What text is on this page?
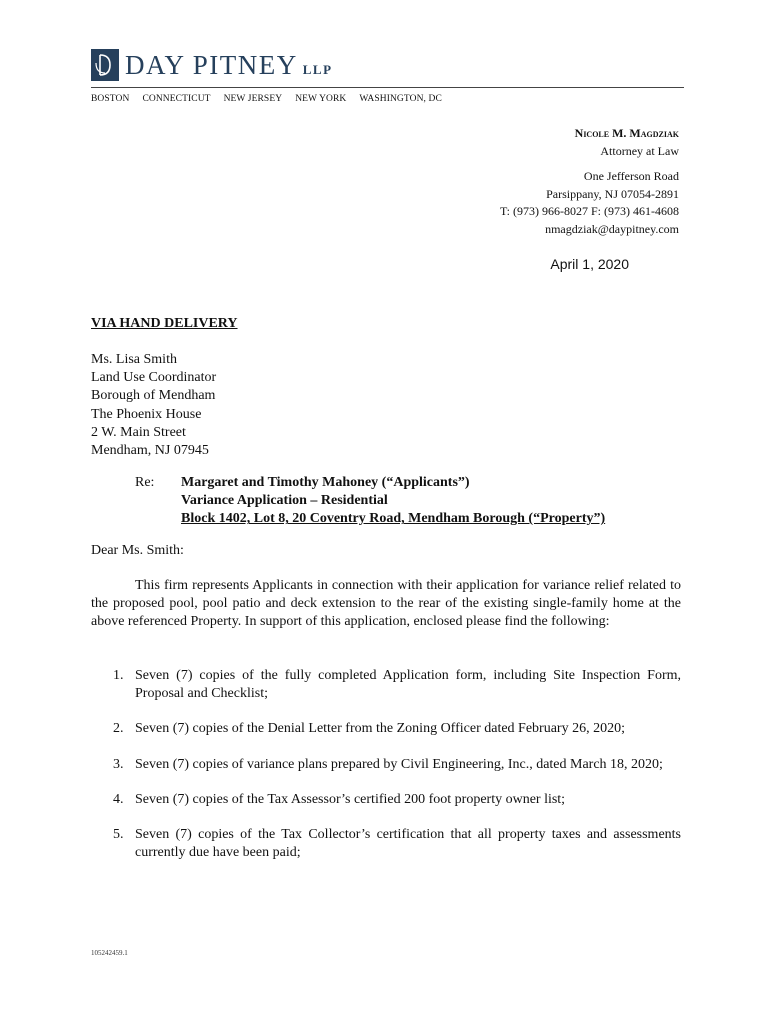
DAY PITNEY LLP
BOSTON CONNECTICUT NEW JERSEY NEW YORK WASHINGTON, DC
Nicole M. Magdziak
Attorney at Law
One Jefferson Road
Parsippany, NJ 07054-2891
T: (973) 966-8027 F: (973) 461-4608
nmagdziak@daypitney.com
April 1, 2020
VIA HAND DELIVERY
Ms. Lisa Smith
Land Use Coordinator
Borough of Mendham
The Phoenix House
2 W. Main Street
Mendham, NJ 07945
Re:	Margaret and Timothy Mahoney (“Applicants”)
Variance Application – Residential
Block 1402, Lot 8, 20 Coventry Road, Mendham Borough (“Property”)
Dear Ms. Smith:
This firm represents Applicants in connection with their application for variance relief related to the proposed pool, pool patio and deck extension to the rear of the existing single-family home at the above referenced Property. In support of this application, enclosed please find the following:
1. Seven (7) copies of the fully completed Application form, including Site Inspection Form, Proposal and Checklist;
2. Seven (7) copies of the Denial Letter from the Zoning Officer dated February 26, 2020;
3. Seven (7) copies of variance plans prepared by Civil Engineering, Inc., dated March 18, 2020;
4. Seven (7) copies of the Tax Assessor’s certified 200 foot property owner list;
5. Seven (7) copies of the Tax Collector’s certification that all property taxes and assessments currently due have been paid;
105242459.1
